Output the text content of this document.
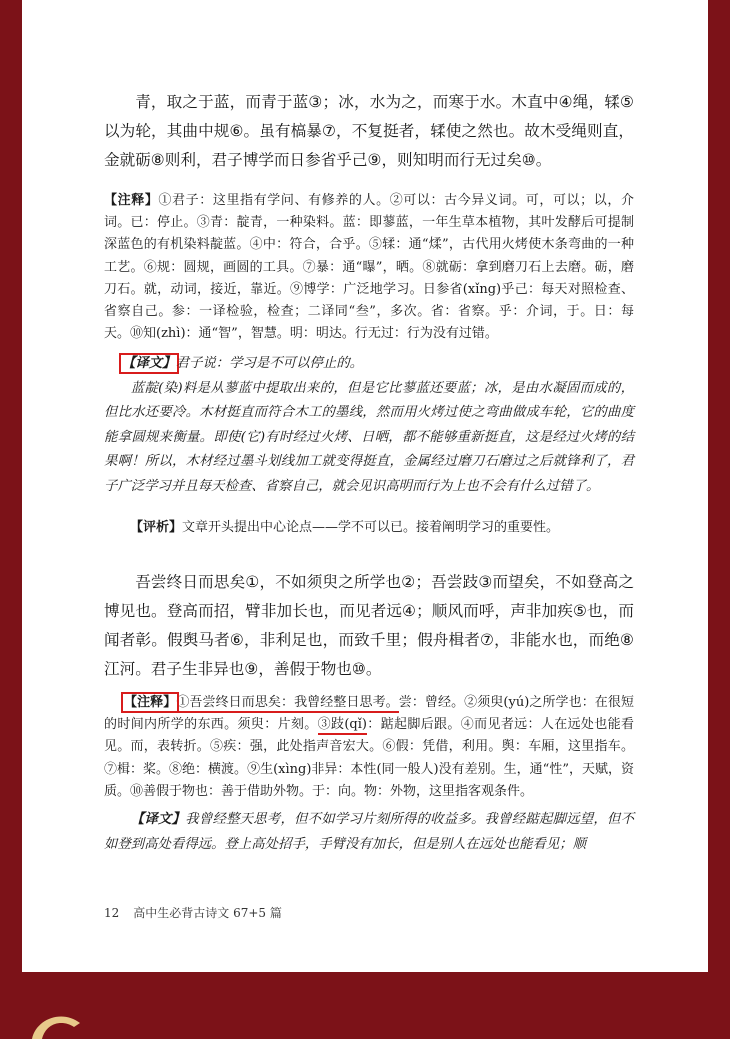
青，取之于蓝，而青于蓝③；冰，水为之，而寒于水。木直中④绳，𫐓⑤以为轮，其曲中规⑥。虽有槁暴⑦，不复挺者，𫐓使之然也。故木受绳则直，金就砺⑧则利，君子博学而日参省乎己⑨，则知明而行无过矣⑩。
【注释】①君子：这里指有学问、有修养的人。②可以：古今异义词。可，可以；以，介词。已：停止。③青：靛青，一种染料。蓝：即蓼蓝，一年生草本植物，其叶发酵后可提制深蓝色的有机染料靛蓝。④中：符合，合乎。⑤𫐓：通“煣”，古代用火烤使木条弯曲的一种工艺。⑥规：圆规，画圆的工具。⑦暴：通“曝”，晒。⑧就砺：拿到磨刀石上去磨。砺，磨刀石。就，动词，接近，靠近。⑨博学：广泛地学习。日参省(xǐng)乎己：每天对照检查、省察自己。参：一译检验，检查；二译同“叁”，多次。省：省察。乎：介词，于。日：每天。⑩知(zhì)：通“智”，智慧。明：明达。行无过：行为没有过错。
【译文】君子说：学习是不可以停止的。
蓝靛(染)料是从蓼蓝中提取出来的，但是它比蓼蓝还要蓝；冰，是由水凝固而成的，但比水还要冷。木材挺直而符合木工的墨线，然而用火烤过使之弯曲做成车轮，它的曲度能拿圆规来衡量。即使(它)有时经过火烤、日晒，都不能够重新挺直，这是经过火烤的结果啊！所以，木材经过墨斗划线加工就变得挺直，金属经过磨刀石磨过之后就锋利了，君子广泛学习并且每天检查、省察自己，就会见识高明而行为上也不会有什么过错了。
【评析】文章开头提出中心论点——学不可以已。接着阐明学习的重要性。
吾尝终日而思矣①，不如须臾之所学也②；吾尝跂③而望矣，不如登高之博见也。登高而招，臂非加长也，而见者远④；顺风而呼，声非加疾⑤也，而闻者彰。假舆马者⑥，非利足也，而致千里；假舟楫者⑦，非能水也，而绝⑧江河。君子生非异也⑨，善假于物也⑩。
【注释】①吾尝终日而思矣：我曾经整日思考。尝：曾经。②须臾(yú)之所学也：在很短的时间内所学的东西。须臾：片刻。③跂(qǐ)：踮起脚后跟。④而见者远：人在远处也能看见。而，表转折。⑤疾：强，此处指声音宏大。⑥假：凭借，利用。舆：车厢，这里指车。⑦楫：桨。⑧绝：横渡。⑨生(xìng)非异：本性(同一般人)没有差别。生，通“性”，天赋，资质。⑩善假于物也：善于借助外物。于：向。物：外物，这里指客观条件。
【译文】我曾经整天思考，但不如学习片刻所得的收益多。我曾经踮起脚远望，但不如登到高处看得远。登上高处招手，手臂没有加长，但是别人在远处也能看见；顺
12 高中生必背古诗文 67+5 篇
